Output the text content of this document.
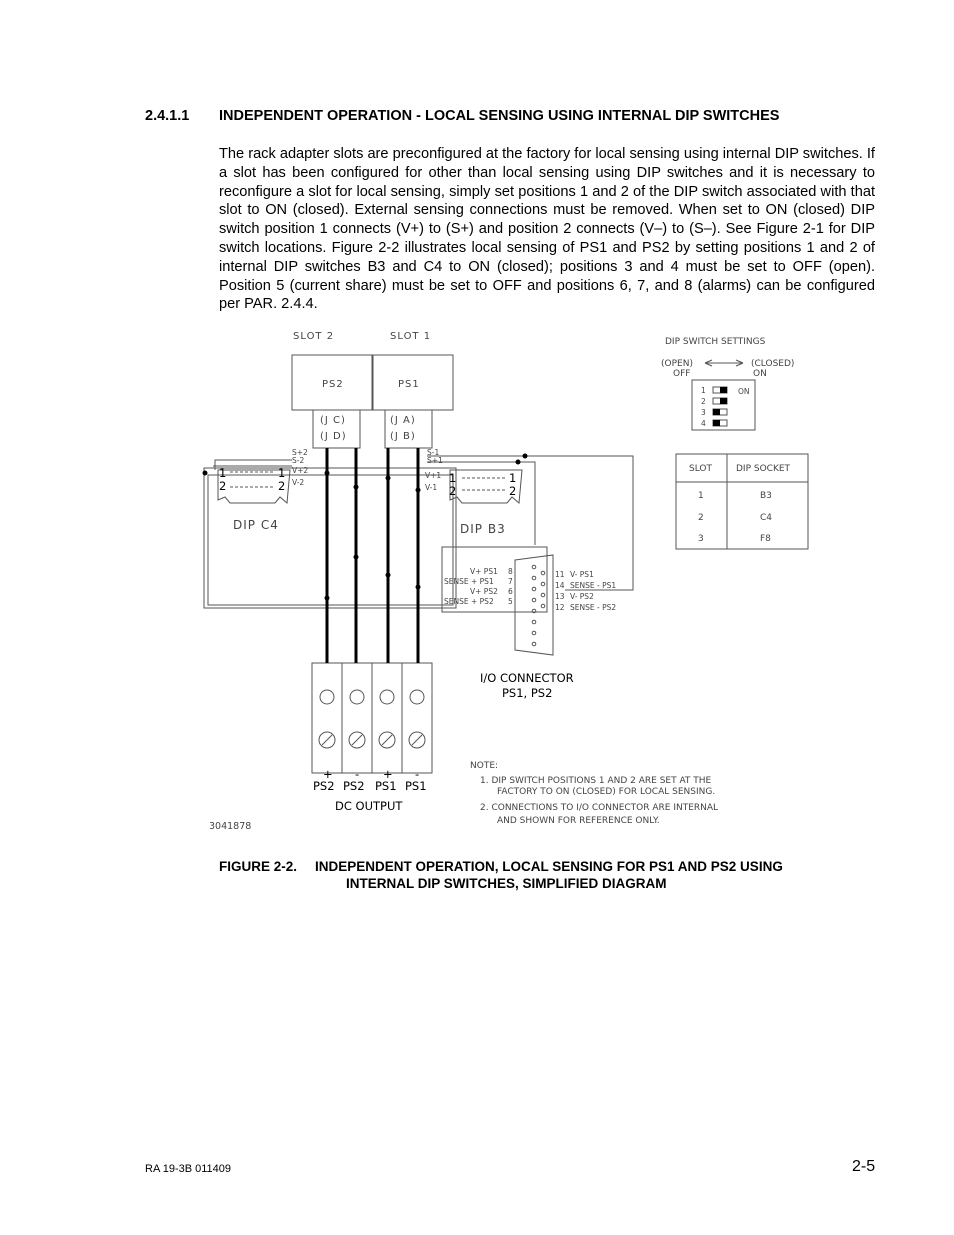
2.4.1.1 INDEPENDENT OPERATION - LOCAL SENSING USING INTERNAL DIP SWITCHES

The rack adapter slots are preconfigured at the factory for local sensing using internal DIP switches. If a slot has been configured for other than local sensing using DIP switches and it is necessary to reconfigure a slot for local sensing, simply set positions 1 and 2 of the DIP switch associated with that slot to ON (closed). External sensing connections must be removed. When set to ON (closed) DIP switch position 1 connects (V+) to (S+) and position 2 connects (V–) to (S–). See Figure 2-1 for DIP switch locations. Figure 2-2 illustrates local sensing of PS1 and PS2 by setting positions 1 and 2 of internal DIP switches B3 and C4 to ON (closed); positions 3 and 4 must be set to OFF (open). Position 5 (current share) must be set to OFF and positions 6, 7, and 8 (alarms) can be configured per PAR. 2.4.4.

SLOT 2	SLOT 1
PS2	PS1
(J C)
(J D)
(J A)
(J B)
S+2
S-2
V+2
V-2
S-1
S+1
V+1
V-1
1
2
1
2
1
2
1
2
DIP C4	DIP B3
DIP SWITCH SETTINGS
(OPEN)
OFF
(CLOSED)
ON
1
2
3
4
ON
SLOT	DIP SOCKET
1	B3
2	C4
3	F8
V+ PS1 8
SENSE + PS1 7
V+ PS2 6
SENSE + PS2 5
11 V- PS1
14 SENSE - PS1
13 V- PS2
12 SENSE - PS2
I/O CONNECTOR
PS1, PS2
+ - + -
PS2 PS2 PS1 PS1
DC OUTPUT
3041878
NOTE:
1. DIP SWITCH POSITIONS 1 AND 2 ARE SET AT THE
FACTORY TO ON (CLOSED) FOR LOCAL SENSING.
2. CONNECTIONS TO I/O CONNECTOR ARE INTERNAL
AND SHOWN FOR REFERENCE ONLY.
FIGURE 2-2. INDEPENDENT OPERATION, LOCAL SENSING FOR PS1 AND PS2 USING
INTERNAL DIP SWITCHES, SIMPLIFIED DIAGRAM
RA 19-3B 011409	2-5
